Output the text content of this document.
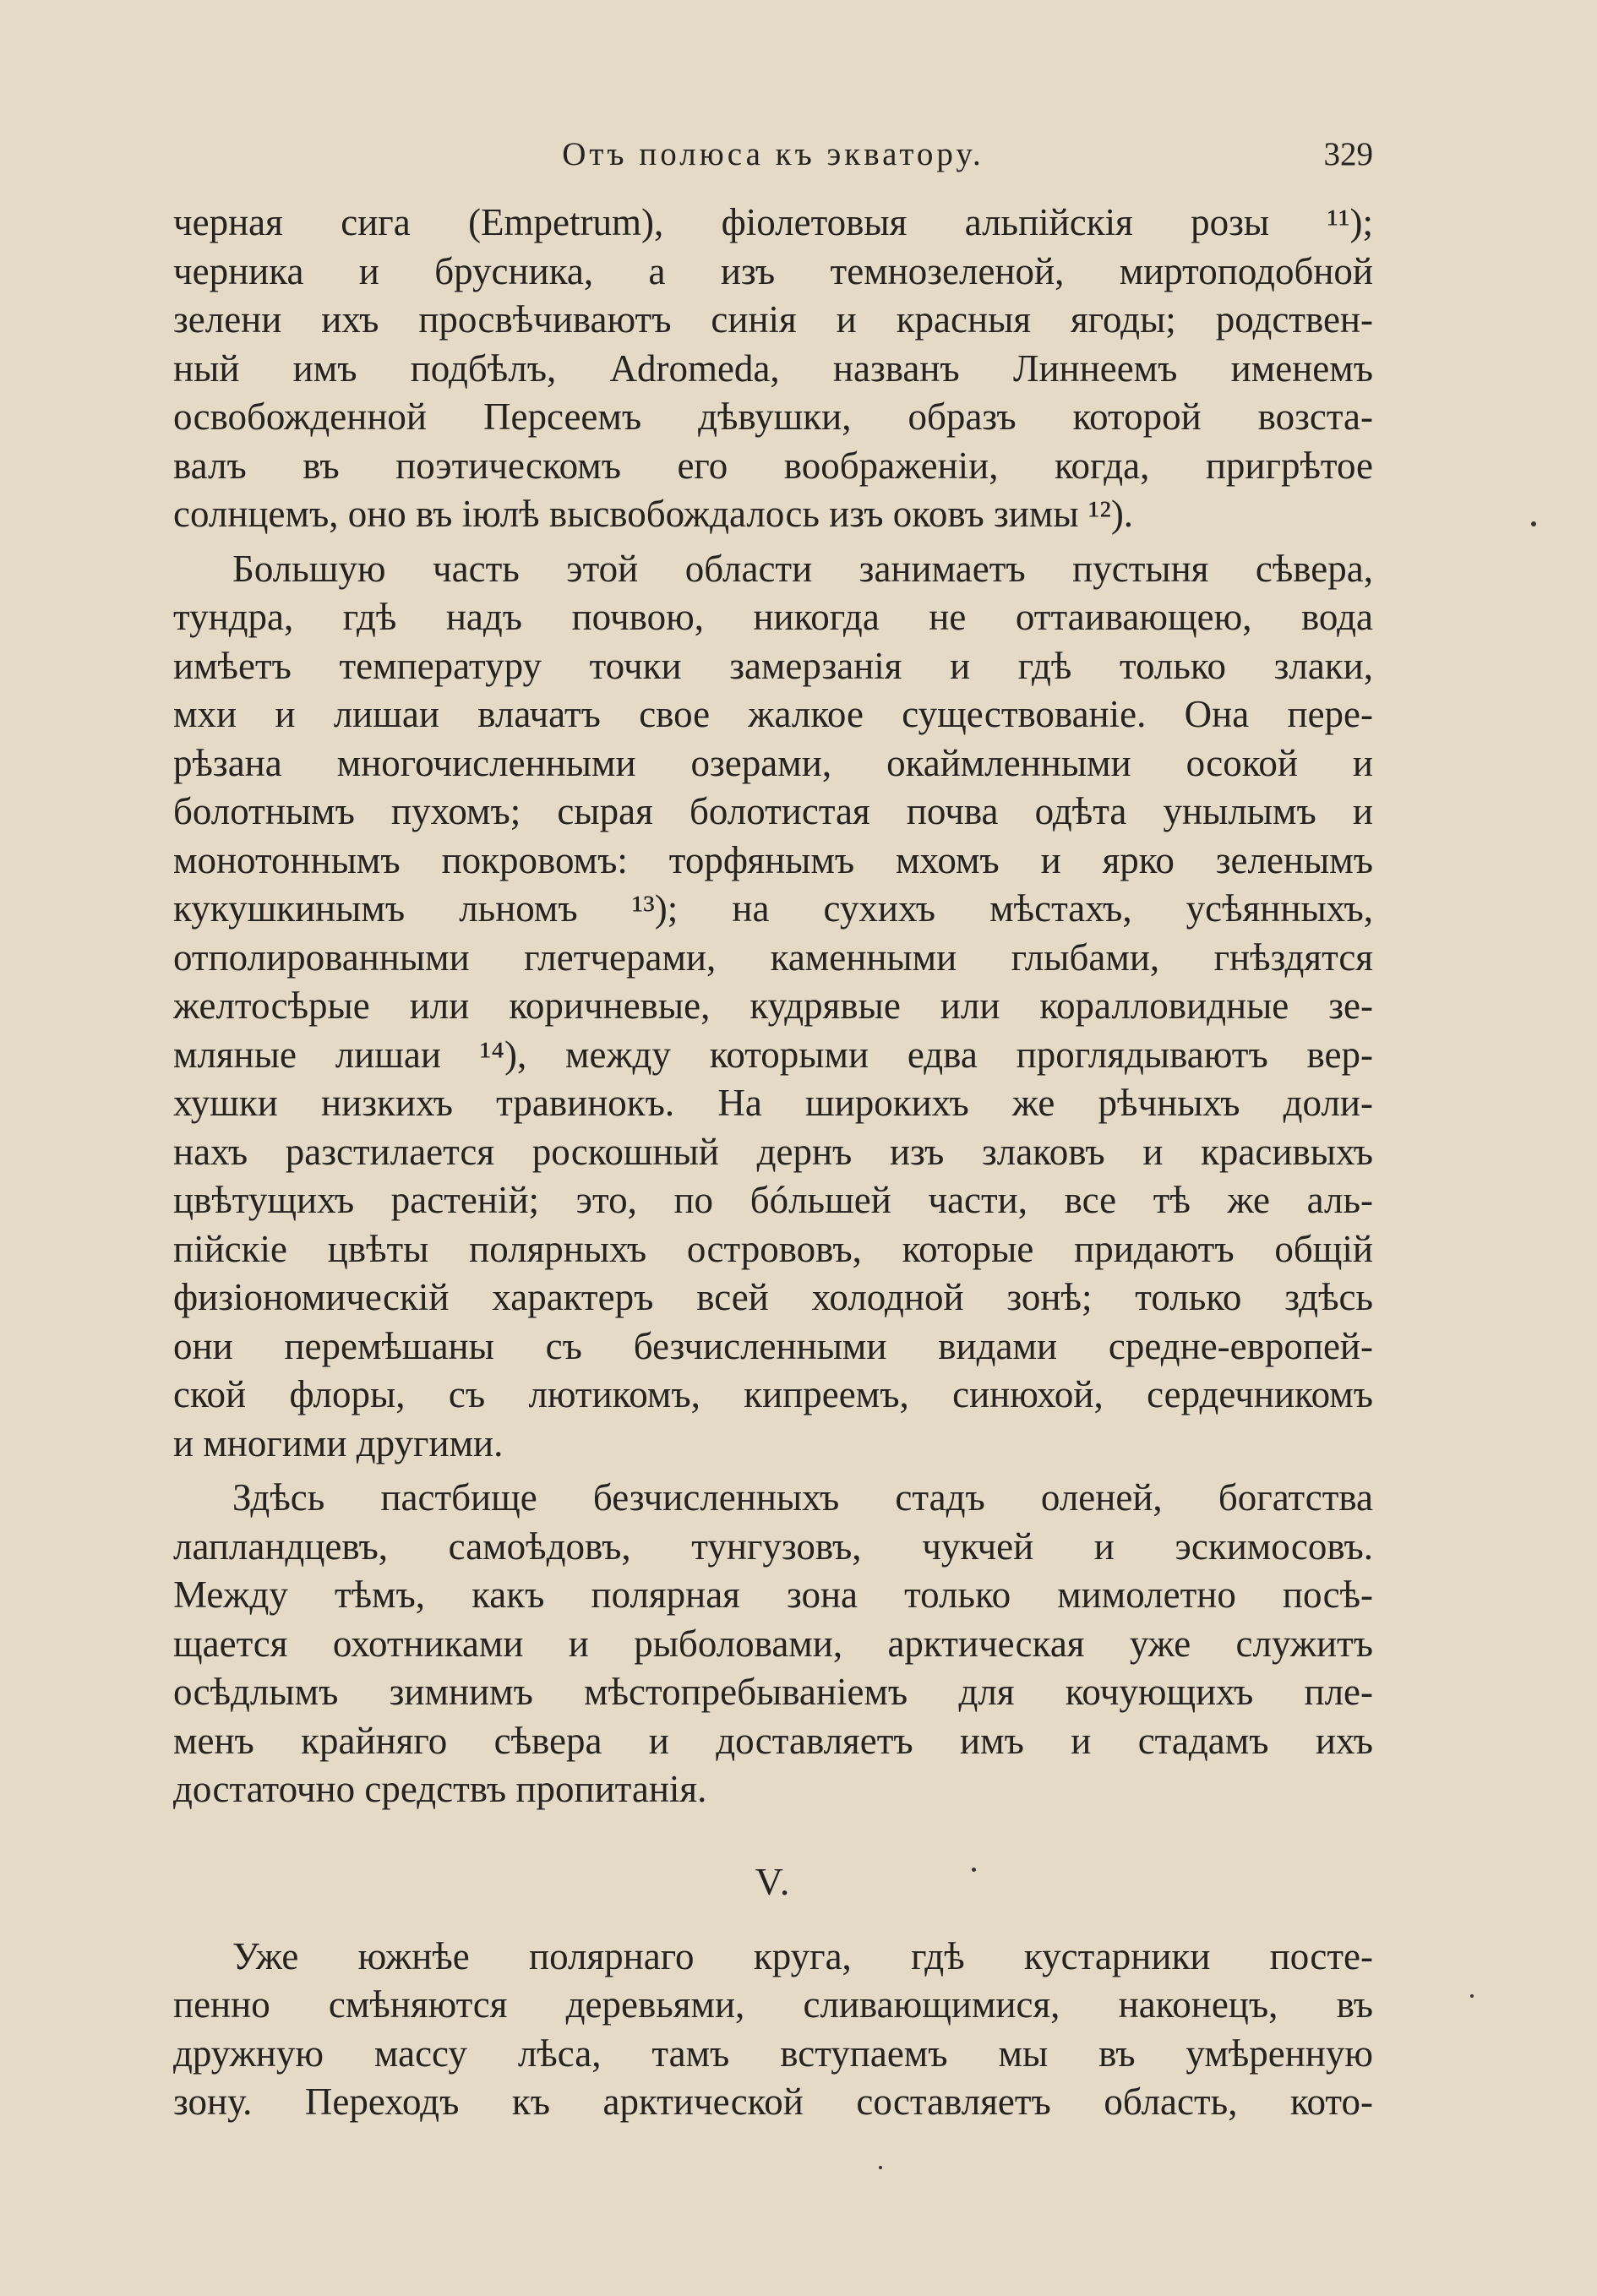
Отъ полюса къ экватору.	329
черная сига (Empetrum), фіолетовыя альпійскія розы ¹¹);
черника и брусника, а изъ темнозеленой, миртоподобной
зелени ихъ просвѣчиваютъ синія и красныя ягоды; родствен-
ный имъ подбѣлъ, Adromeda, названъ Линнеемъ именемъ
освобожденной Персеемъ дѣвушки, образъ которой возста-
валъ въ поэтическомъ его воображеніи, когда, пригрѣтое
солнцемъ, оно въ іюлѣ высвобождалось изъ оковъ зимы ¹²).
Большую часть этой области занимаетъ пустыня сѣвера,
тундра, гдѣ надъ почвою, никогда не оттаивающею, вода
имѣетъ температуру точки замерзанія и гдѣ только злаки,
мхи и лишаи влачатъ свое жалкое существованіе. Она пере-
рѣзана многочисленными озерами, окаймленными осокой и
болотнымъ пухомъ; сырая болотистая почва одѣта унылымъ и
монотоннымъ покровомъ: торфянымъ мхомъ и ярко зеленымъ
кукушкинымъ льномъ ¹³); на сухихъ мѣстахъ, усѣянныхъ,
отполированными глетчерами, каменными глыбами, гнѣздятся
желтосѣрые или коричневые, кудрявые или коралловидные зе-
мляные лишаи ¹⁴), между которыми едва проглядываютъ вер-
хушки низкихъ травинокъ. На широкихъ же рѣчныхъ доли-
нахъ разстилается роскошный дернъ изъ злаковъ и красивыхъ
цвѣтущихъ растеній; это, по бóльшей части, все тѣ же аль-
пійскіе цвѣты полярныхъ острововъ, которые придаютъ общій
физіономическій характеръ всей холодной зонѣ; только здѣсь
они перемѣшаны съ безчисленными видами средне-европей-
ской флоры, съ лютикомъ, кипреемъ, синюхой, сердечникомъ
и многими другими.
Здѣсь пастбище безчисленныхъ стадъ оленей, богатства
лапландцевъ, самоѣдовъ, тунгузовъ, чукчей и эскимосовъ.
Между тѣмъ, какъ полярная зона только мимолетно посѣ-
щается охотниками и рыболовами, арктическая уже служитъ
осѣдлымъ зимнимъ мѣстопребываніемъ для кочующихъ пле-
менъ крайняго сѣвера и доставляетъ имъ и стадамъ ихъ
достаточно средствъ пропитанія.
V.
Уже южнѣе полярнаго круга, гдѣ кустарники посте-
пенно смѣняются деревьями, сливающимися, наконецъ, въ
дружную массу лѣса, тамъ вступаемъ мы въ умѣренную
зону. Переходъ къ арктической составляетъ область, кото-
